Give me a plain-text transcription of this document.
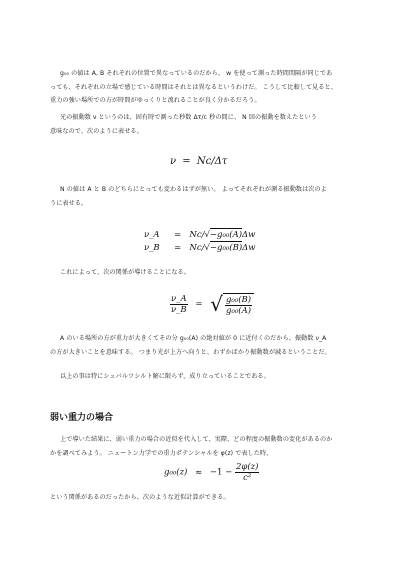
g₀₀ の値は A, B それぞれの位置で異なっているのだから、 w を使って測った時間間隔が同じであ
っても、それぞれの立場で感じている時間はそれとは異なるというわけだ。 こうして比較して見ると、
重力の強い場所での方が時間がゆっくりと流れることが良く分かるだろう。

光の振動数 ν というのは、固有時で測った秒数 Δτ/c 秒の間に、 N 回の振動を数えたという
意味なので、次のように表せる。

ν = Nc/Δτ

N の値は A と B のどちらにとっても変わるはずが無い。 よってそれぞれが測る振動数は次のよ
うに表せる。

ν_A = Nc/√−g₀₀(A)Δw
ν_B = Nc/√−g₀₀(B)Δw

これによって、次の関係が導けることになる。

$\frac{\nu\_A}{\nu\_B}$ = √ $\frac{\text{g₀₀(B)}}{\text{g₀₀(A)}}$

A のいる場所の方が重力が大きくてその分 g₀₀(A) の絶対値が 0 に近付くのだから、振動数 ν_A
の方が大きいことを意味する。 つまり光が上方へ向うと、わずかばかり振動数が減るということだ。

以上の事は特にシュバルツシルト解に限らず、成り立っていることである。

弱い重力の場合

上で導いた結果に、弱い重力の場合の近似を代入して、実際、どの程度の振動数の変化があるのか
かを調べてみよう。 ニュートン力学での重力ポテンシャルを φ(z) で表した時、

$g_{00}(z) \approx -1 - \frac{2\varphi(z)}{\text{c²}}$

という関係があるのだったから、次のような近似計算ができる。
